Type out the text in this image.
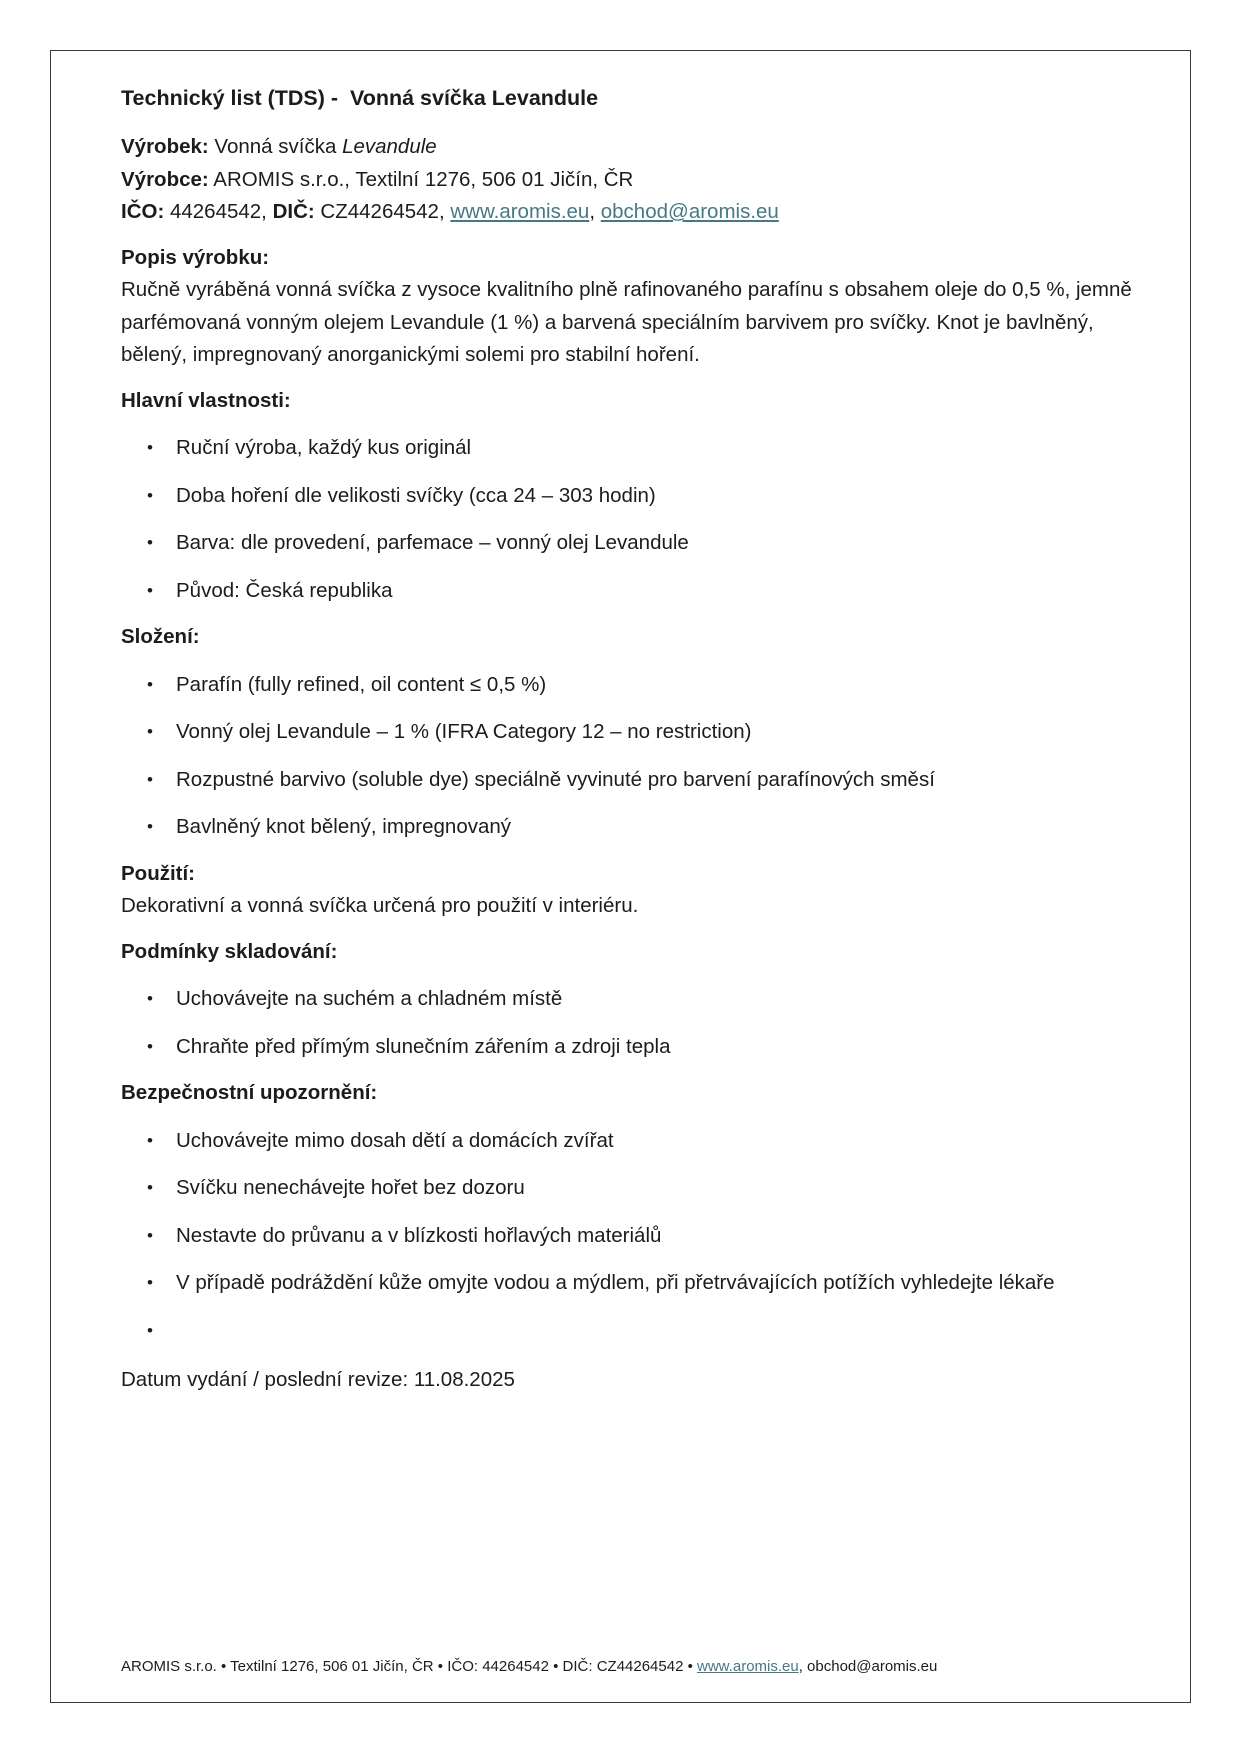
Technický list (TDS) -  Vonná svíčka Levandule
Výrobek: Vonná svíčka Levandule
Výrobce: AROMIS s.r.o., Textilní 1276, 506 01 Jičín, ČR
IČO: 44264542, DIČ: CZ44264542, www.aromis.eu, obchod@aromis.eu
Popis výrobku:

Ručně vyráběná vonná svíčka z vysoce kvalitního plně rafinovaného parafínu s obsahem oleje do 0,5 %, jemně parfémovaná vonným olejem Levandule (1 %) a barvená speciálním barvivem pro svíčky. Knot je bavlněný, bělený, impregnovaný anorganickými solemi pro stabilní hoření.

Hlavní vlastnosti:
•	Ruční výroba, každý kus originál
•	Doba hoření dle velikosti svíčky (cca 24 – 303 hodin)
•	Barva: dle provedení, parfemace – vonný olej Levandule
•	Původ: Česká republika
Složení:
•	Parafín (fully refined, oil content ≤ 0,5 %)
•	Vonný olej Levandule – 1 % (IFRA Category 12 – no restriction)
•	Rozpustné barvivo (soluble dye) speciálně vyvinuté pro barvení parafínových směsí
•	Bavlněný knot bělený, impregnovaný
Použití:

Dekorativní a vonná svíčka určená pro použití v interiéru.

Podmínky skladování:
•	Uchovávejte na suchém a chladném místě
•	Chraňte před přímým slunečním zářením a zdroji tepla
Bezpečnostní upozornění:
•	Uchovávejte mimo dosah dětí a domácích zvířat
•	Svíčku nenechávejte hořet bez dozoru
•	Nestavte do průvanu a v blízkosti hořlavých materiálů
•	V případě podráždění kůže omyjte vodou a mýdlem, při přetrvávajících potížích vyhledejte lékaře
•

Datum vydání / poslední revize: 11.08.2025

AROMIS s.r.o. • Textilní 1276, 506 01 Jičín, ČR • IČO: 44264542 • DIČ: CZ44264542 • www.aromis.eu, obchod@aromis.eu
